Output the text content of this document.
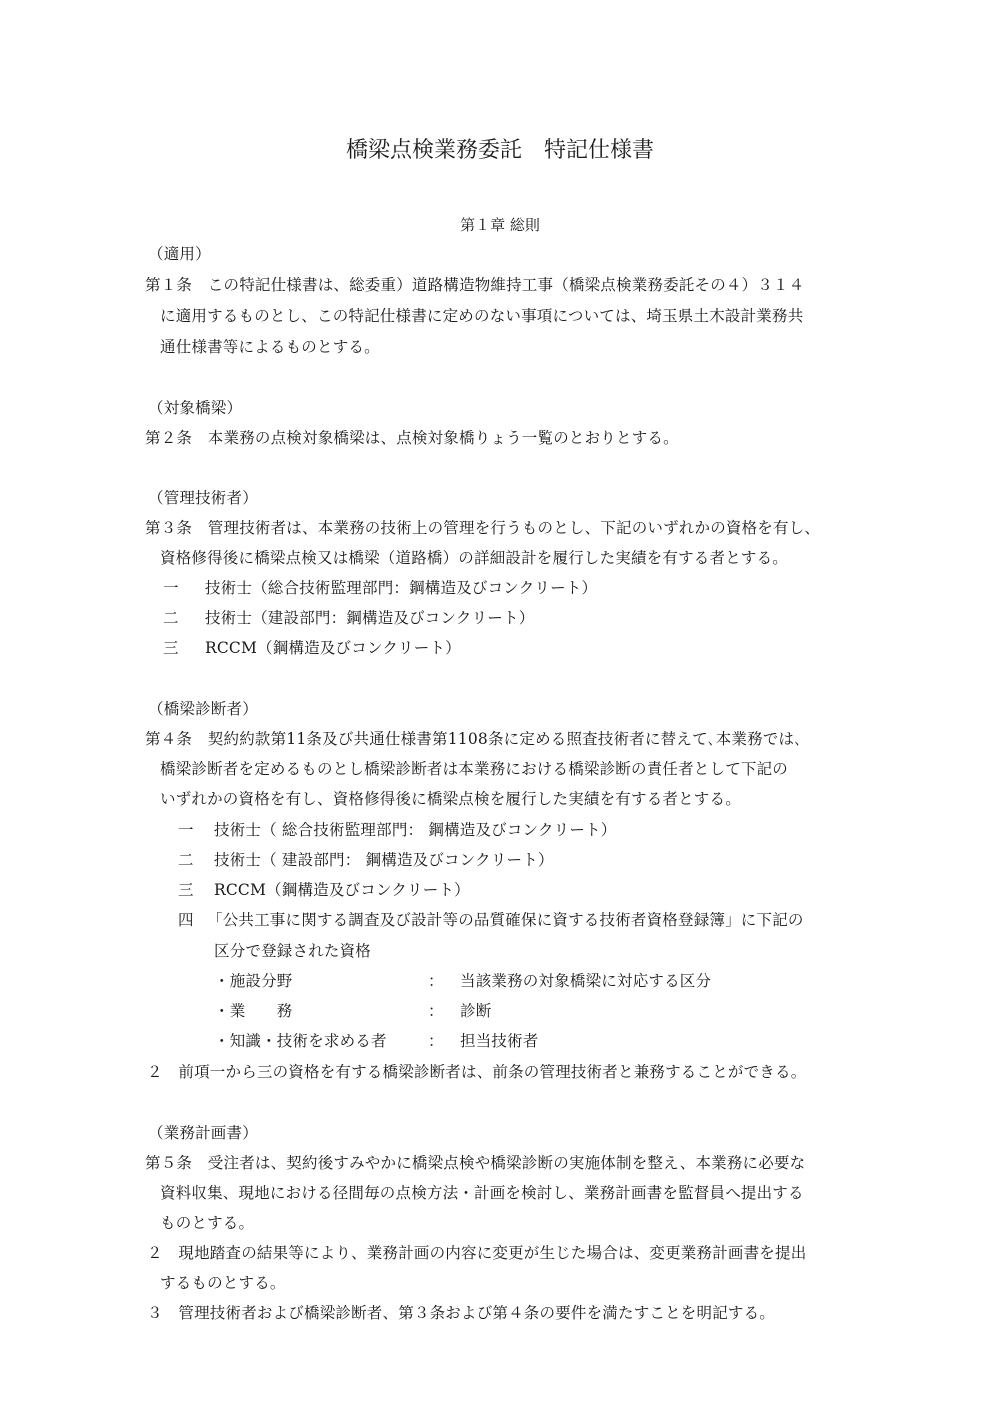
橋梁点検業務委託　特記仕様書
第１章 総則
（適用）
第１条　この特記仕様書は、総委重）道路構造物維持工事（橋梁点検業務委託その４）３１４
に適用するものとし、この特記仕様書に定めのない事項については、埼玉県土木設計業務共
通仕様書等によるものとする。
（対象橋梁）
第２条　本業務の点検対象橋梁は、点検対象橋りょう一覧のとおりとする。
（管理技術者）
第３条　管理技術者は、本業務の技術上の管理を行うものとし、下記のいずれかの資格を有し、
資格修得後に橋梁点検又は橋梁（道路橋）の詳細設計を履行した実績を有する者とする。
一 技術士（総合技術監理部門：鋼構造及びコンクリート）
二 技術士（建設部門：鋼構造及びコンクリート）
三 RCCM（鋼構造及びコンクリート）
（橋梁診断者）
第４条　契約約款第11条及び共通仕様書第1108条に定める照査技術者に替えて､本業務では､
橋梁診断者を定めるものとし橋梁診断者は本業務における橋梁診断の責任者として下記の
いずれかの資格を有し、資格修得後に橋梁点検を履行した実績を有する者とする。
一 技術士（ 総合技術監理部門： 鋼構造及びコンクリート）
二 技術士（ 建設部門： 鋼構造及びコンクリート）
三 RCCM（鋼構造及びコンクリート）
四 「公共工事に関する調査及び設計等の品質確保に資する技術者資格登録簿」に下記の
区分で登録された資格
・施設分野	： 当該業務の対象橋梁に対応する区分
・業　　務	： 診断
・知識・技術を求める者	： 担当技術者
２　前項一から三の資格を有する橋梁診断者は、前条の管理技術者と兼務することができる。
（業務計画書）
第５条　受注者は、契約後すみやかに橋梁点検や橋梁診断の実施体制を整え、本業務に必要な
資料収集、現地における径間毎の点検方法・計画を検討し、業務計画書を監督員へ提出する
ものとする。
２　現地踏査の結果等により、業務計画の内容に変更が生じた場合は、変更業務計画書を提出
するものとする。
３　管理技術者および橋梁診断者、第３条および第４条の要件を満たすことを明記する。
